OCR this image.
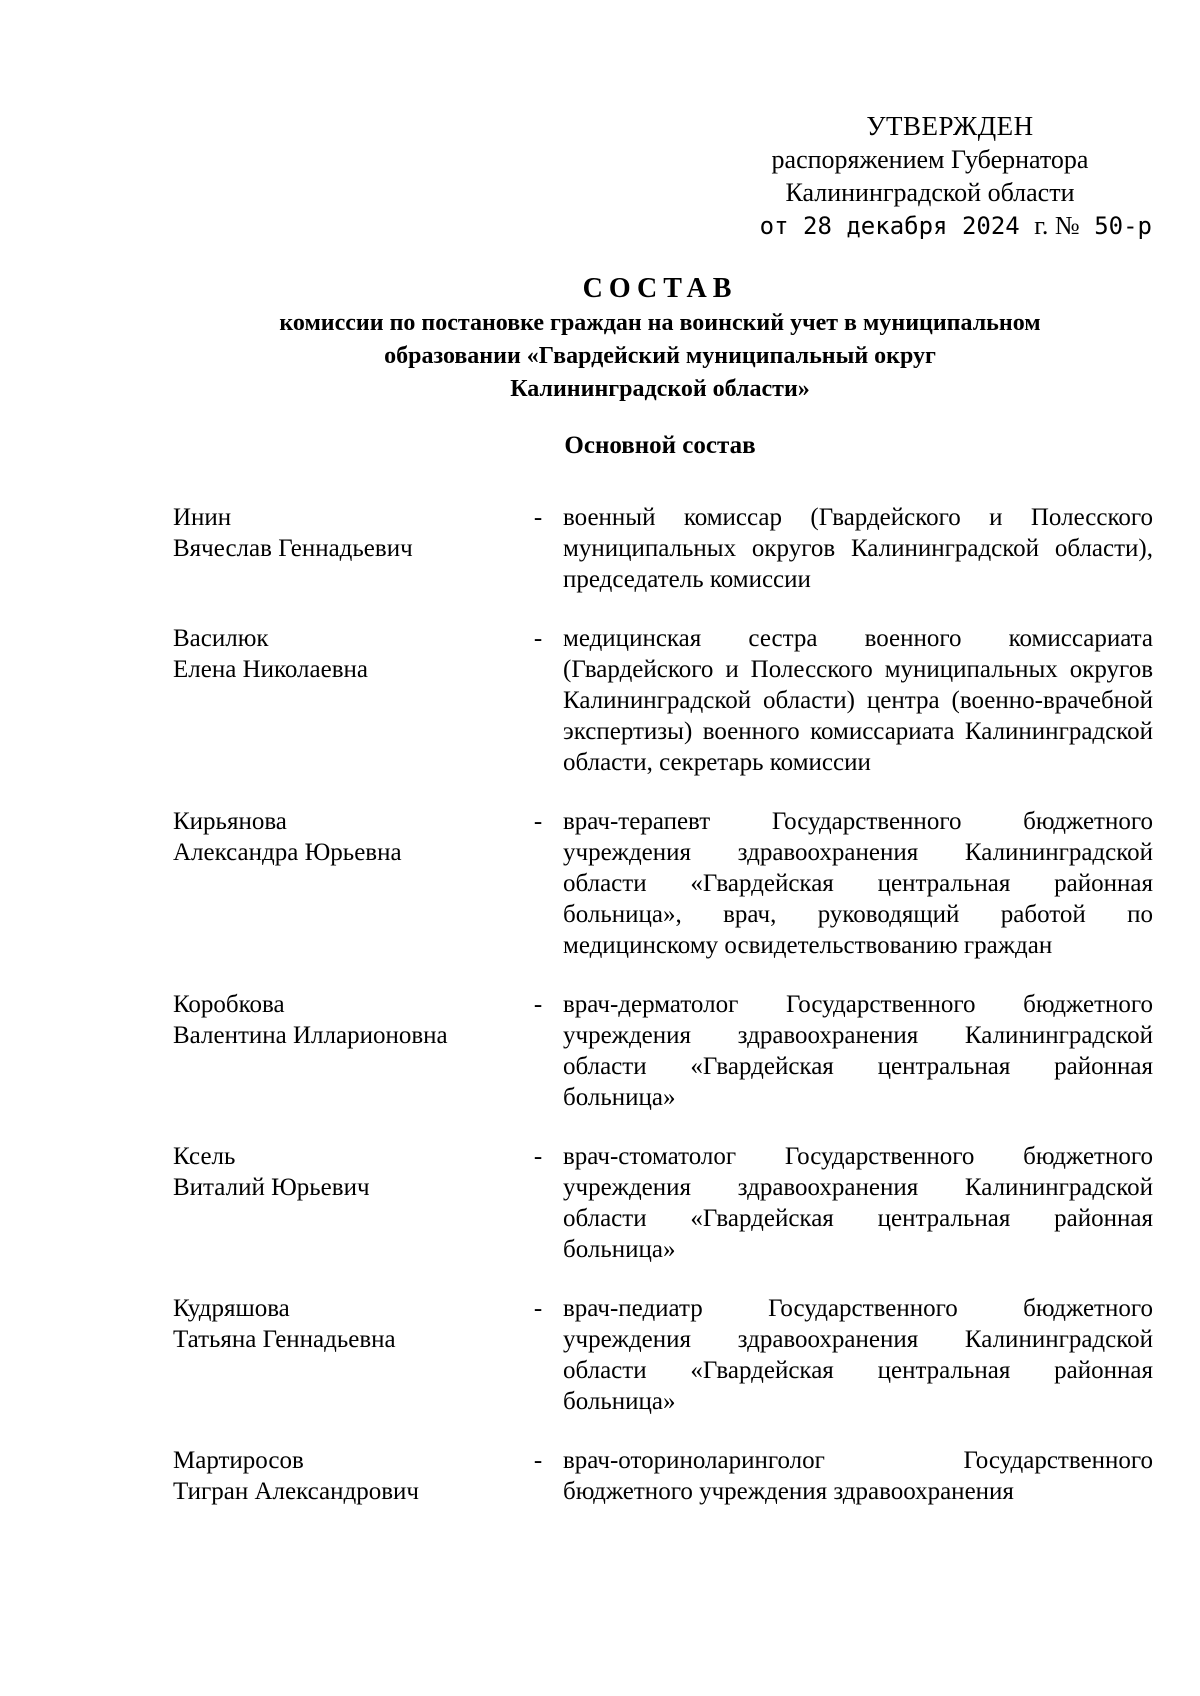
УТВЕРЖДЕН
распоряжением Губернатора
Калининградской области
от 28 декабря 2024 г. № 50-р
СОСТАВ
комиссии по постановке граждан на воинский учет в муниципальном
образовании «Гвардейский муниципальный округ
Калининградской области»
Основной состав
Инин
Вячеслав Геннадьевич
- военный комиссар (Гвардейского и Полесского муниципальных округов Калининградской области), председатель комиссии
Василюк
Елена Николаевна
- медицинская сестра военного комиссариата (Гвардейского и Полесского муниципальных округов Калининградской области) центра (военно-врачебной экспертизы) военного комиссариата Калининградской области, секретарь комиссии
Кирьянова
Александра Юрьевна
- врач-терапевт Государственного бюджетного учреждения здравоохранения Калининградской области «Гвардейская центральная районная больница», врач, руководящий работой по медицинскому освидетельствованию граждан
Коробкова
Валентина Илларионовна
- врач-дерматолог Государственного бюджетного учреждения здравоохранения Калининградской области «Гвардейская центральная районная больница»
Ксель
Виталий Юрьевич
- врач-стоматолог Государственного бюджетного учреждения здравоохранения Калининградской области «Гвардейская центральная районная больница»
Кудряшова
Татьяна Геннадьевна
- врач-педиатр Государственного бюджетного учреждения здравоохранения Калининградской области «Гвардейская центральная районная больница»
Мартиросов
Тигран Александрович
- врач-оториноларинголог Государственного бюджетного учреждения здравоохранения
